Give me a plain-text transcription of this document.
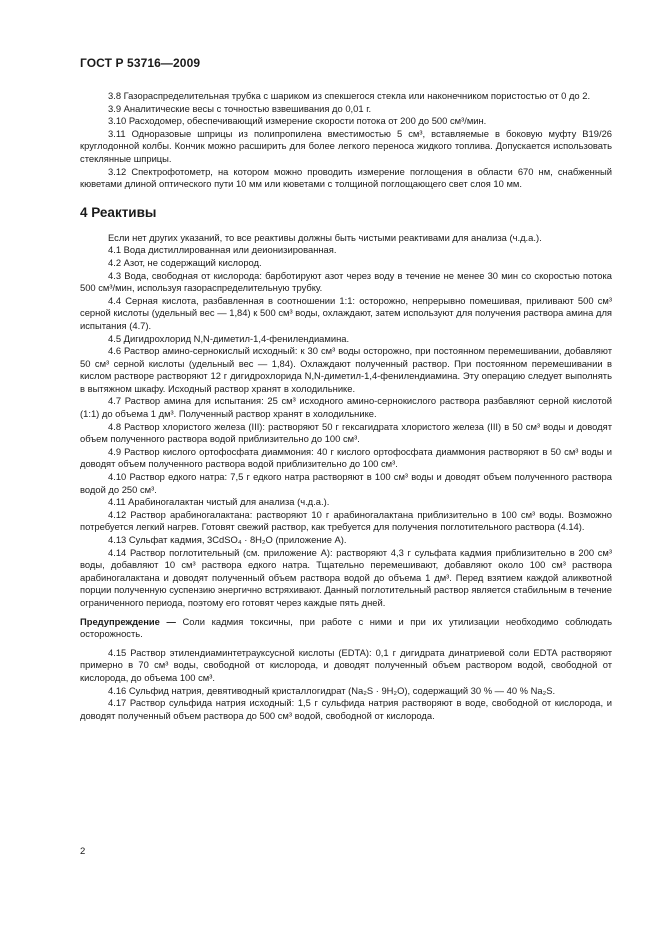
ГОСТ Р 53716—2009

3.8 Газораспределительная трубка с шариком из спекшегося стекла или наконечником пористостью от 0 до 2.

3.9 Аналитические весы с точностью взвешивания до 0,01 г.

3.10 Расходомер, обеспечивающий измерение скорости потока от 200 до 500 см³/мин.

3.11 Одноразовые шприцы из полипропилена вместимостью 5 см³, вставляемые в боковую муфту В19/26 круглодонной колбы. Кончик можно расширить для более легкого переноса жидкого топлива. Допускается использовать стеклянные шприцы.

3.12 Спектрофотометр, на котором можно проводить измерение поглощения в области 670 нм, снабженный кюветами длиной оптического пути 10 мм или кюветами с толщиной поглощающего свет слоя 10 мм.

4 Реактивы

Если нет других указаний, то все реактивы должны быть чистыми реактивами для анализа (ч.д.а.).

4.1 Вода дистиллированная или деионизированная.

4.2 Азот, не содержащий кислород.

4.3 Вода, свободная от кислорода: барботируют азот через воду в течение не менее 30 мин со скоростью потока 500 см³/мин, используя газораспределительную трубку.

4.4 Серная кислота, разбавленная в соотношении 1:1: осторожно, непрерывно помешивая, приливают 500 см³ серной кислоты (удельный вес — 1,84) к 500 см³ воды, охлаждают, затем используют для получения раствора амина для испытания (4.7).

4.5 Дигидрохлорид N,N-диметил-1,4-фенилендиамина.

4.6 Раствор амино-сернокислый исходный: к 30 см³ воды осторожно, при постоянном перемешивании, добавляют 50 см³ серной кислоты (удельный вес — 1,84). Охлаждают полученный раствор. При постоянном перемешивании в кислом растворе растворяют 12 г дигидрохлорида N,N-диметил-1,4-фенилендиамина. Эту операцию следует выполнять в вытяжном шкафу. Исходный раствор хранят в холодильнике.

4.7 Раствор амина для испытания: 25 см³ исходного амино-сернокислого раствора разбавляют серной кислотой (1:1) до объема 1 дм³. Полученный раствор хранят в холодильнике.

4.8 Раствор хлористого железа (III): растворяют 50 г гексагидрата хлористого железа (III) в 50 см³ воды и доводят объем полученного раствора водой приблизительно до 100 см³.

4.9 Раствор кислого ортофосфата диаммония: 40 г кислого ортофосфата диаммония растворяют в 50 см³ воды и доводят объем полученного раствора водой приблизительно до 100 см³.

4.10 Раствор едкого натра: 7,5 г едкого натра растворяют в 100 см³ воды и доводят объем полученного раствора водой до 250 см³.

4.11 Арабиногалактан чистый для анализа (ч.д.а.).

4.12 Раствор арабиногалактана: растворяют 10 г арабиногалактана приблизительно в 100 см³ воды. Возможно потребуется легкий нагрев. Готовят свежий раствор, как требуется для получения поглотительного раствора (4.14).

4.13 Сульфат кадмия, 3CdSO₄ · 8H₂O (приложение А).

4.14 Раствор поглотительный (см. приложение А): растворяют 4,3 г сульфата кадмия приблизительно в 200 см³ воды, добавляют 10 см³ раствора едкого натра. Тщательно перемешивают, добавляют около 100 см³ раствора арабиногалактана и доводят полученный объем раствора водой до объема 1 дм³. Перед взятием каждой аликвотной порции полученную суспензию энергично встряхивают. Данный поглотительный раствор является стабильным в течение ограниченного периода, поэтому его готовят через каждые пять дней.

Предупреждение — Соли кадмия токсичны, при работе с ними и при их утилизации необходимо соблюдать осторожность.

4.15 Раствор этилендиаминтетрауксусной кислоты (EDTA): 0,1 г дигидрата динатриевой соли EDTA растворяют примерно в 70 см³ воды, свободной от кислорода, и доводят полученный объем раствором водой, свободной от кислорода, до объема 100 см³.

4.16 Сульфид натрия, девятиводный кристаллогидрат (Na₂S · 9H₂O), содержащий 30 % — 40 % Na₂S.

4.17 Раствор сульфида натрия исходный: 1,5 г сульфида натрия растворяют в воде, свободной от кислорода, и доводят полученный объем раствора до 500 см³ водой, свободной от кислорода.

2
